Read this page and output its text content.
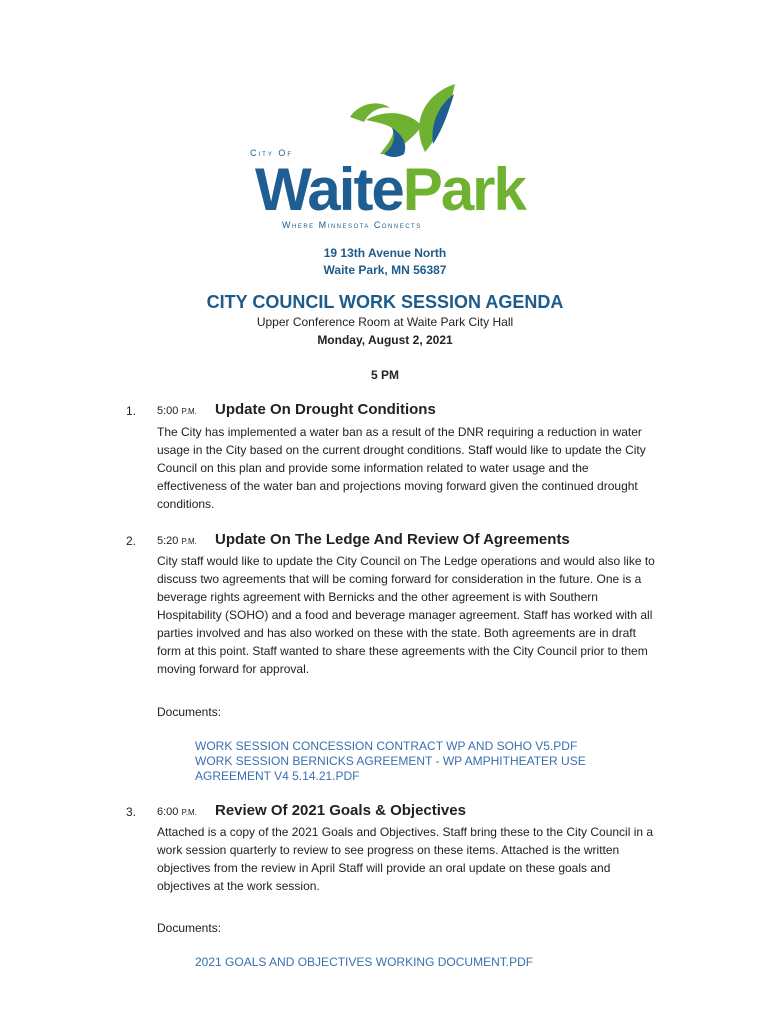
City Of
WaitePark
Where Minnesota Connects
19 13th Avenue North
Waite Park, MN 56387
CITY COUNCIL WORK SESSION AGENDA
Upper Conference Room at Waite Park City Hall
Monday, August 2, 2021
5 PM
1. 5:00 P.M. Update On Drought Conditions

The City has implemented a water ban as a result of the DNR requiring a reduction in water usage in the City based on the current drought conditions. Staff would like to update the City Council on this plan and provide some information related to water usage and the effectiveness of the water ban and projections moving forward given the continued drought conditions.

2. 5:20 P.M. Update On The Ledge And Review Of Agreements

City staff would like to update the City Council on The Ledge operations and would also like to discuss two agreements that will be coming forward for consideration in the future. One is a beverage rights agreement with Bernicks and the other agreement is with Southern Hospitability (SOHO) and a food and beverage manager agreement. Staff has worked with all parties involved and has also worked on these with the state. Both agreements are in draft form at this point. Staff wanted to share these agreements with the City Council prior to them moving forward for approval.

Documents:
WORK SESSION CONCESSION CONTRACT WP AND SOHO V5.PDF
WORK SESSION BERNICKS AGREEMENT - WP AMPHITHEATER USE AGREEMENT V4 5.14.21.PDF
3. 6:00 P.M. Review Of 2021 Goals & Objectives

Attached is a copy of the 2021 Goals and Objectives. Staff bring these to the City Council in a work session quarterly to review to see progress on these items. Attached is the written objectives from the review in April Staff will provide an oral update on these goals and objectives at the work session.

Documents:
2021 GOALS AND OBJECTIVES WORKING DOCUMENT.PDF
